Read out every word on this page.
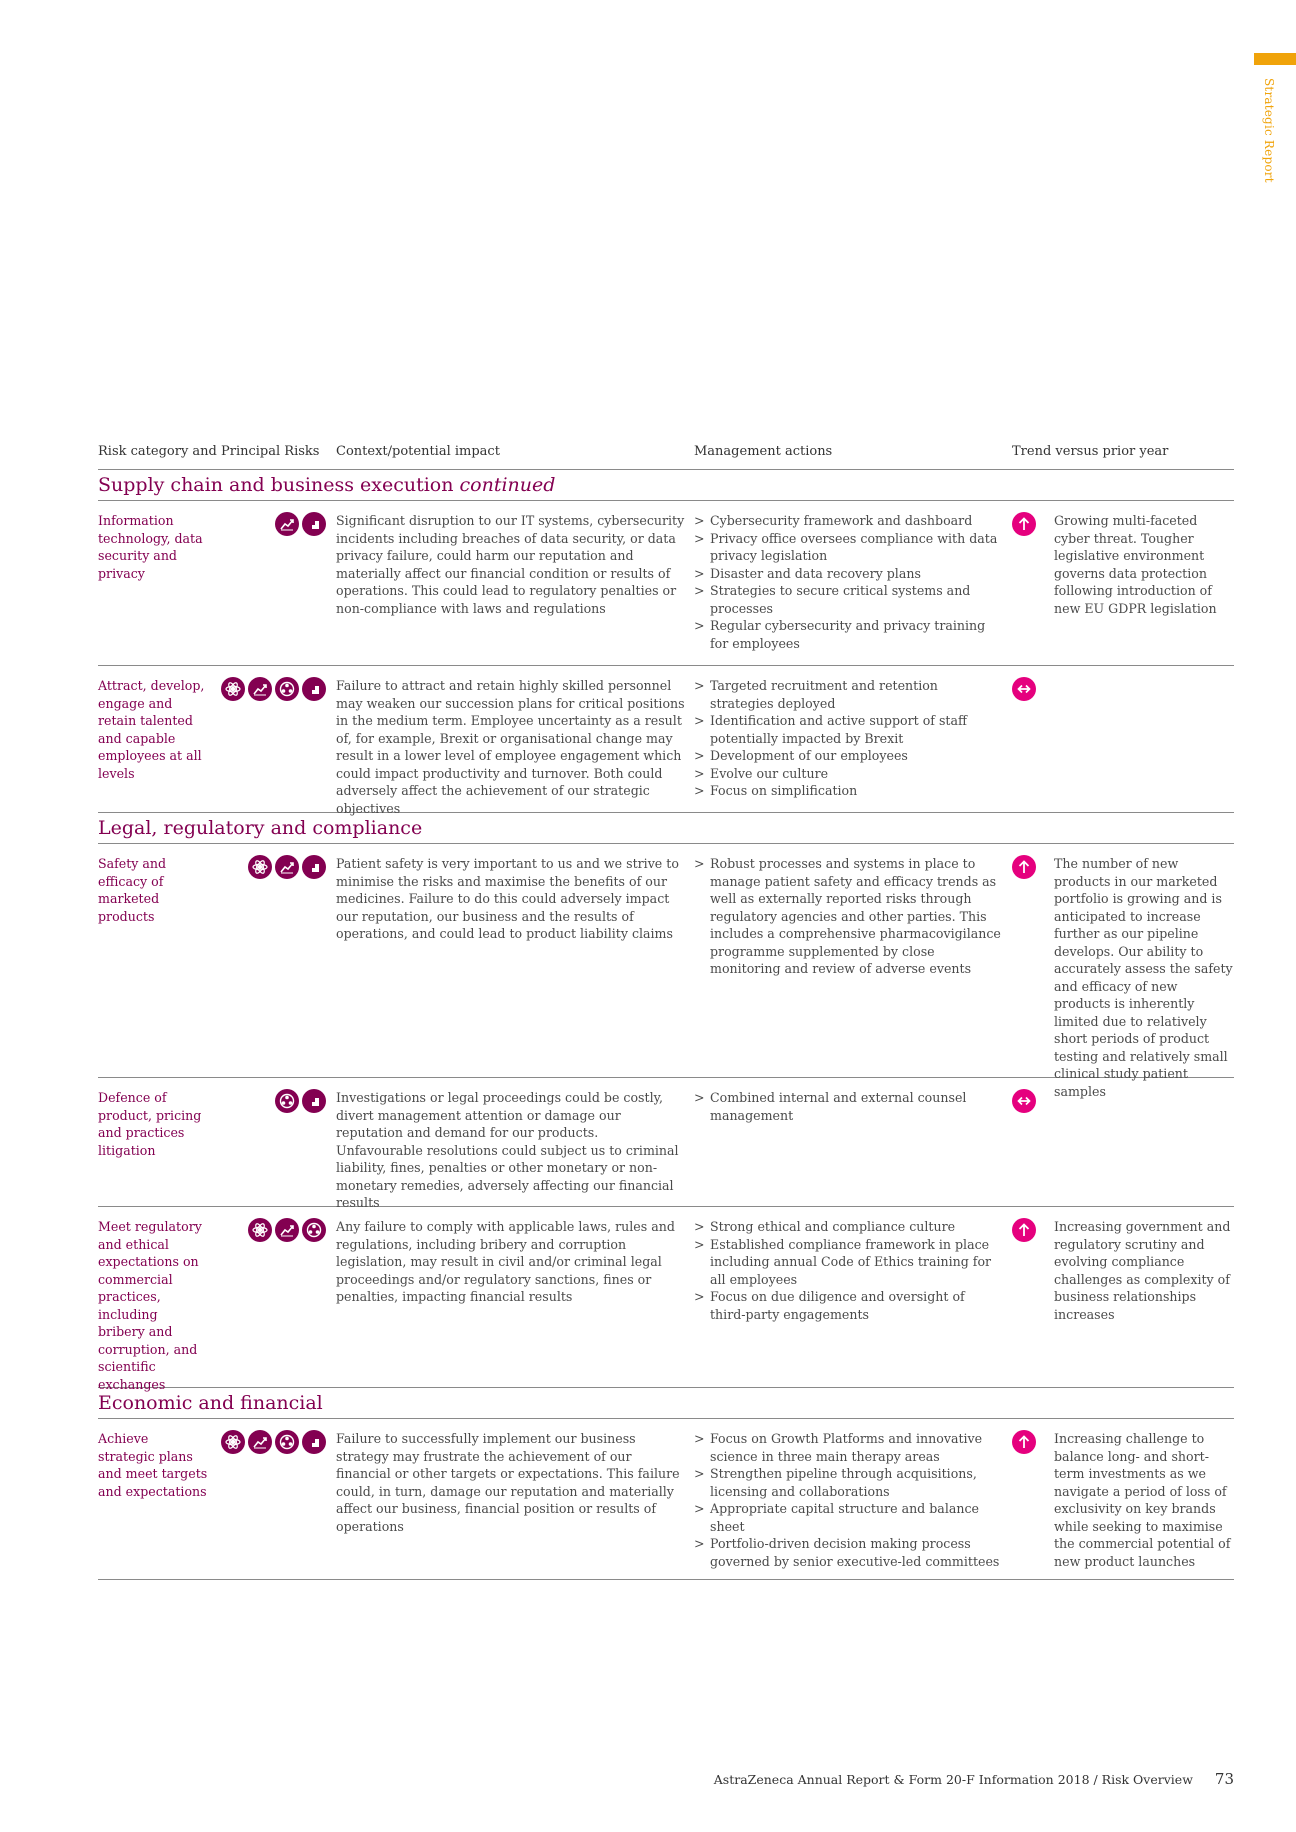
Strategic Report
Risk category and Principal Risks Context/potential impact	Management actions	Trend versus prior year
Supply chain and business execution continued
Information technology, data security and privacy
Significant disruption to our IT systems, cybersecurity incidents including breaches of data security, or data privacy failure, could harm our reputation and materially affect our financial condition or results of operations. This could lead to regulatory penalties or non-compliance with laws and regulations
> Cybersecurity framework and dashboard
> Privacy office oversees compliance with data privacy legislation
> Disaster and data recovery plans
> Strategies to secure critical systems and processes
> Regular cybersecurity and privacy training for employees
Growing multi-faceted cyber threat. Tougher legislative environment governs data protection following introduction of new EU GDPR legislation
Attract, develop, engage and retain talented and capable employees at all levels
Failure to attract and retain highly skilled personnel may weaken our succession plans for critical positions in the medium term. Employee uncertainty as a result of, for example, Brexit or organisational change may result in a lower level of employee engagement which could impact productivity and turnover. Both could adversely affect the achievement of our strategic objectives
> Targeted recruitment and retention strategies deployed
> Identification and active support of staff potentially impacted by Brexit
> Development of our employees
> Evolve our culture
> Focus on simplification
Legal, regulatory and compliance
Safety and efficacy of marketed products
Patient safety is very important to us and we strive to minimise the risks and maximise the benefits of our medicines. Failure to do this could adversely impact our reputation, our business and the results of operations, and could lead to product liability claims
> Robust processes and systems in place to manage patient safety and efficacy trends as well as externally reported risks through regulatory agencies and other parties. This includes a comprehensive pharmacovigilance programme supplemented by close monitoring and review of adverse events
The number of new products in our marketed portfolio is growing and is anticipated to increase further as our pipeline develops. Our ability to accurately assess the safety and efficacy of new products is inherently limited due to relatively short periods of product testing and relatively small clinical study patient samples
Defence of product, pricing and practices litigation
Investigations or legal proceedings could be costly, divert management attention or damage our reputation and demand for our products. Unfavourable resolutions could subject us to criminal liability, fines, penalties or other monetary or non-monetary remedies, adversely affecting our financial results
> Combined internal and external counsel management
Meet regulatory and ethical expectations on commercial practices, including bribery and corruption, and scientific exchanges
Any failure to comply with applicable laws, rules and regulations, including bribery and corruption legislation, may result in civil and/or criminal legal proceedings and/or regulatory sanctions, fines or penalties, impacting financial results
> Strong ethical and compliance culture
> Established compliance framework in place including annual Code of Ethics training for all employees
> Focus on due diligence and oversight of third-party engagements
Increasing government and regulatory scrutiny and evolving compliance challenges as complexity of business relationships increases
Economic and financial
Achieve strategic plans and meet targets and expectations
Failure to successfully implement our business strategy may frustrate the achievement of our financial or other targets or expectations. This failure could, in turn, damage our reputation and materially affect our business, financial position or results of operations
> Focus on Growth Platforms and innovative science in three main therapy areas
> Strengthen pipeline through acquisitions, licensing and collaborations
> Appropriate capital structure and balance sheet
> Portfolio-driven decision making process governed by senior executive-led committees
Increasing challenge to balance long- and short-term investments as we navigate a period of loss of exclusivity on key brands while seeking to maximise the commercial potential of new product launches
AstraZeneca Annual Report & Form 20-F Information 2018 / Risk Overview 73
